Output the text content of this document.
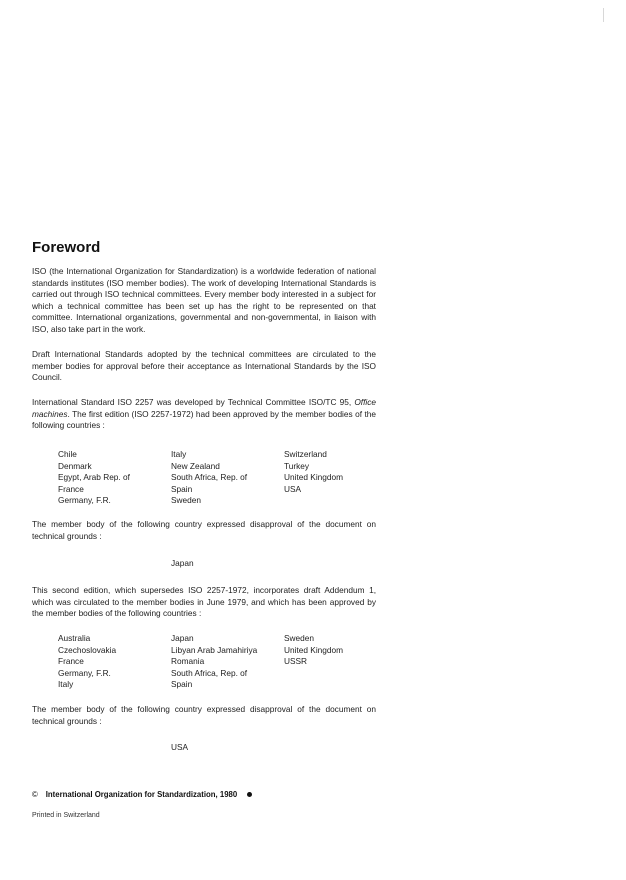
Foreword

ISO (the International Organization for Standardization) is a worldwide federation of national standards institutes (ISO member bodies). The work of developing International Standards is carried out through ISO technical committees. Every member body interested in a subject for which a technical committee has been set up has the right to be represented on that committee. International organizations, governmental and non-governmental, in liaison with ISO, also take part in the work.

Draft International Standards adopted by the technical committees are circulated to the member bodies for approval before their acceptance as International Standards by the ISO Council.

International Standard ISO 2257 was developed by Technical Committee ISO/TC 95, Office machines. The first edition (ISO 2257-1972) had been approved by the member bodies of the following countries :

Chile
Denmark
Egypt, Arab Rep. of
France
Germany, F.R.
Italy
New Zealand
South Africa, Rep. of
Spain
Sweden
Switzerland
Turkey
United Kingdom
USA

The member body of the following country expressed disapproval of the document on technical grounds :

Japan

This second edition, which supersedes ISO 2257-1972, incorporates draft Addendum 1, which was circulated to the member bodies in June 1979, and which has been approved by the member bodies of the following countries :

Australia
Czechoslovakia
France
Germany, F.R.
Italy
Japan
Libyan Arab Jamahiriya
Romania
South Africa, Rep. of
Spain
Sweden
United Kingdom
USSR

The member body of the following country expressed disapproval of the document on technical grounds :

USA
© International Organization for Standardization, 1980
Printed in Switzerland
